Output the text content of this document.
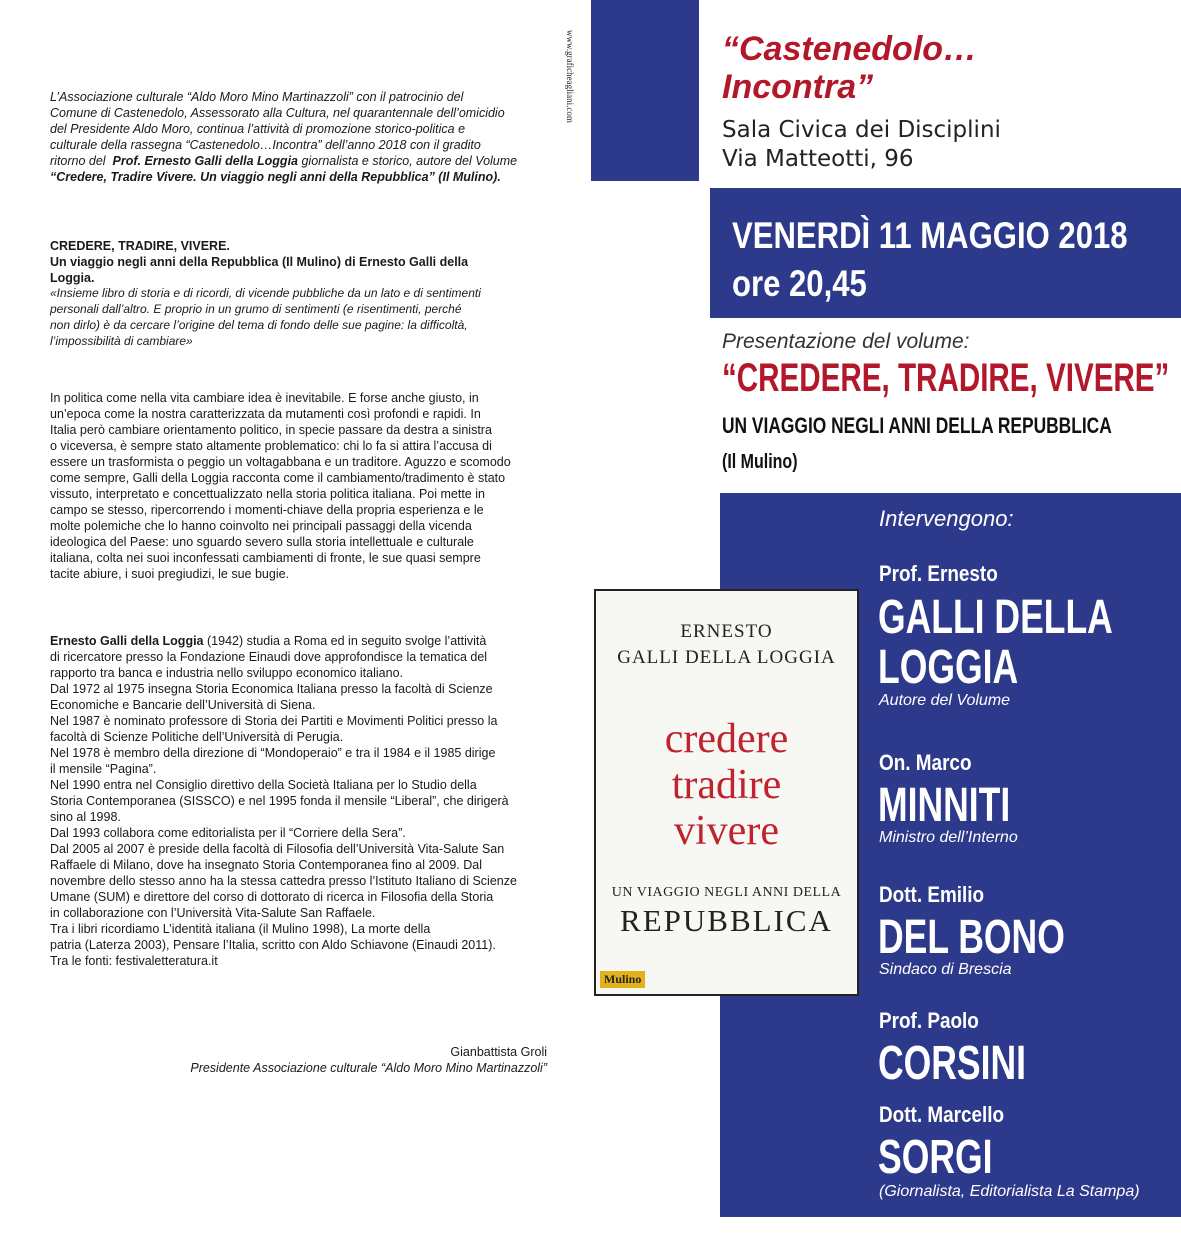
L’Associazione culturale “Aldo Moro Mino Martinazzoli” con il patrocinio del
Comune di Castenedolo, Assessorato alla Cultura, nel quarantennale dell’omicidio
del Presidente Aldo Moro, continua l’attività di promozione storico-politica e
culturale della rassegna “Castenedolo…Incontra” dell’anno 2018 con il gradito
ritorno del Prof. Ernesto Galli della Loggia giornalista e storico, autore del Volume
“Credere, Tradire Vivere. Un viaggio negli anni della Repubblica” (Il Mulino).
CREDERE, TRADIRE, VIVERE.
Un viaggio negli anni della Repubblica (Il Mulino) di Ernesto Galli della
Loggia.
«Insieme libro di storia e di ricordi, di vicende pubbliche da un lato e di sentimenti
personali dall’altro. E proprio in un grumo di sentimenti (e risentimenti, perché
non dirlo) è da cercare l’origine del tema di fondo delle sue pagine: la difficoltà,
l’impossibilità di cambiare»
In politica come nella vita cambiare idea è inevitabile. E forse anche giusto, in
un’epoca come la nostra caratterizzata da mutamenti così profondi e rapidi. In
Italia però cambiare orientamento politico, in specie passare da destra a sinistra
o viceversa, è sempre stato altamente problematico: chi lo fa si attira l’accusa di
essere un trasformista o peggio un voltagabbana e un traditore. Aguzzo e scomodo
come sempre, Galli della Loggia racconta come il cambiamento/tradimento è stato
vissuto, interpretato e concettualizzato nella storia politica italiana. Poi mette in
campo se stesso, ripercorrendo i momenti-chiave della propria esperienza e le
molte polemiche che lo hanno coinvolto nei principali passaggi della vicenda
ideologica del Paese: uno sguardo severo sulla storia intellettuale e culturale
italiana, colta nei suoi inconfessati cambiamenti di fronte, le sue quasi sempre
tacite abiure, i suoi pregiudizi, le sue bugie.
Ernesto Galli della Loggia (1942) studia a Roma ed in seguito svolge l’attività
di ricercatore presso la Fondazione Einaudi dove approfondisce la tematica del
rapporto tra banca e industria nello sviluppo economico italiano.
Dal 1972 al 1975 insegna Storia Economica Italiana presso la facoltà di Scienze
Economiche e Bancarie dell’Università di Siena.
Nel 1987 è nominato professore di Storia dei Partiti e Movimenti Politici presso la
facoltà di Scienze Politiche dell’Università di Perugia.
Nel 1978 è membro della direzione di “Mondoperaio” e tra il 1984 e il 1985 dirige
il mensile “Pagina”.
Nel 1990 entra nel Consiglio direttivo della Società Italiana per lo Studio della
Storia Contemporanea (SISSCO) e nel 1995 fonda il mensile “Liberal”, che dirigerà
sino al 1998.
Dal 1993 collabora come editorialista per il “Corriere della Sera”.
Dal 2005 al 2007 è preside della facoltà di Filosofia dell’Università Vita-Salute San
Raffaele di Milano, dove ha insegnato Storia Contemporanea fino al 2009. Dal
novembre dello stesso anno ha la stessa cattedra presso l’Istituto Italiano di Scienze
Umane (SUM) e direttore del corso di dottorato di ricerca in Filosofia della Storia
in collaborazione con l’Università Vita-Salute San Raffaele.
Tra i libri ricordiamo L’identità italiana (il Mulino 1998), La morte della
patria (Laterza 2003), Pensare l’Italia, scritto con Aldo Schiavone (Einaudi 2011).
Tra le fonti: festivaletteratura.it
Gianbattista Groli
Presidente Associazione culturale “Aldo Moro Mino Martinazzoli”
www.graficheagliani.com	“Castenedolo…
Incontra”
Sala Civica dei Disciplini
Via Matteotti, 96
VENERDÌ 11 MAGGIO 2018
ore 20,45
Presentazione del volume:
“CREDERE, TRADIRE, VIVERE”
UN VIAGGIO NEGLI ANNI DELLA REPUBBLICA
(Il Mulino)
Intervengono:
Prof. Ernesto
GALLI DELLA
LOGGIA
Autore del Volume
On. Marco
MINNITI
Ministro dell’Interno
Dott. Emilio
DEL BONO
Sindaco di Brescia
Prof. Paolo
CORSINI
Dott. Marcello
SORGI
(Giornalista, Editorialista La Stampa)
ERNESTO
GALLI DELLA LOGGIA
credere
tradire
vivere
UN VIAGGIO NEGLI ANNI DELLA
REPUBBLICA
Mulino
